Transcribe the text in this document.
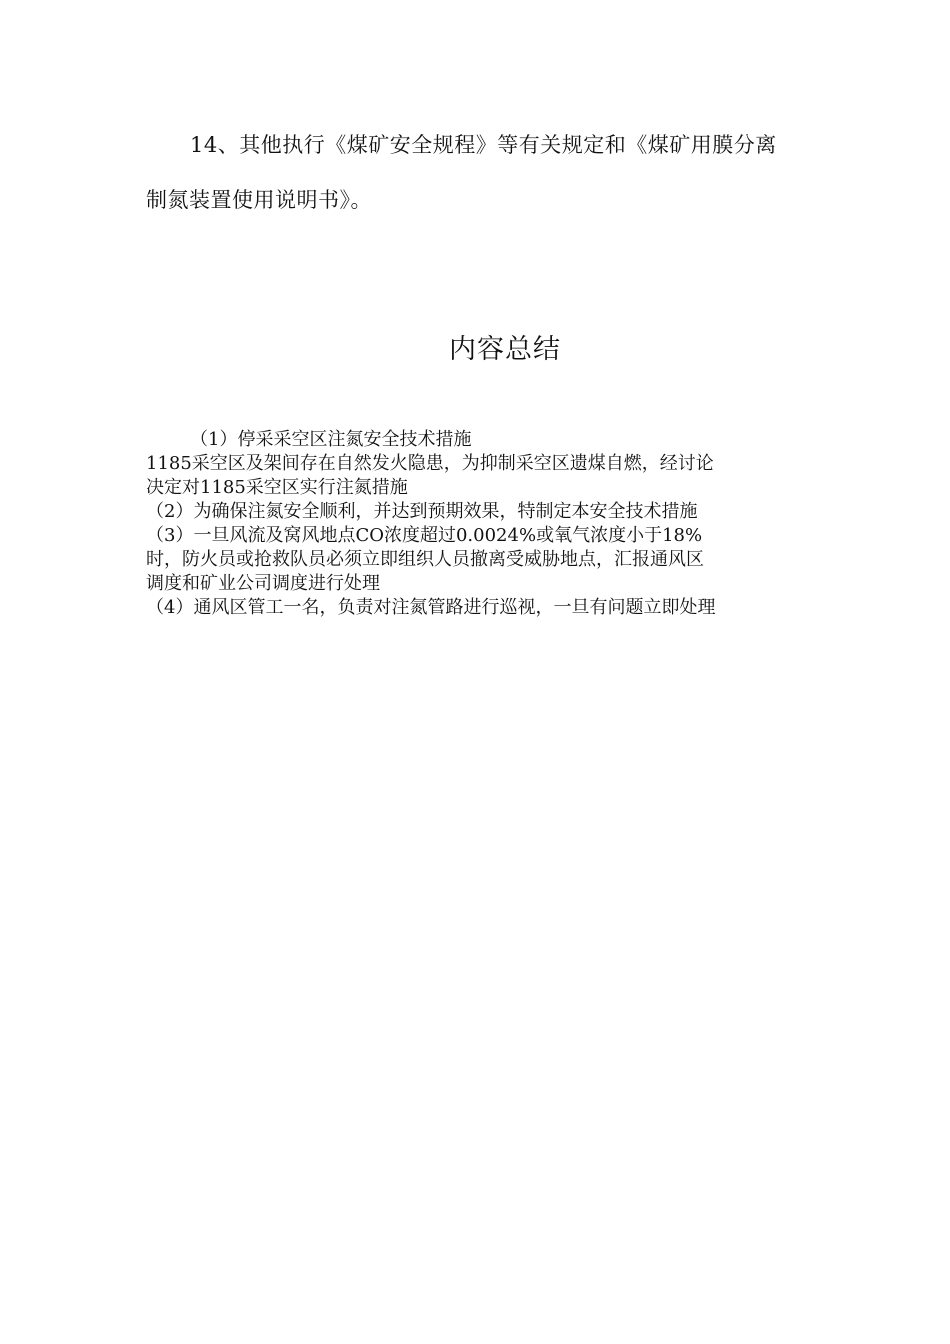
14、其他执行《煤矿安全规程》等有关规定和《煤矿用膜分离
制氮装置使用说明书》。
内容总结
（1）停采采空区注氮安全技术措施
1185采空区及架间存在自然发火隐患，为抑制采空区遗煤自燃，经讨论
决定对1185采空区实行注氮措施
（2）为确保注氮安全顺利，并达到预期效果，特制定本安全技术措施
（3）一旦风流及窝风地点CO浓度超过0.0024%或氧气浓度小于18%
时，防火员或抢救队员必须立即组织人员撤离受威胁地点，汇报通风区
调度和矿业公司调度进行处理
（4）通风区管工一名，负责对注氮管路进行巡视，一旦有问题立即处理
